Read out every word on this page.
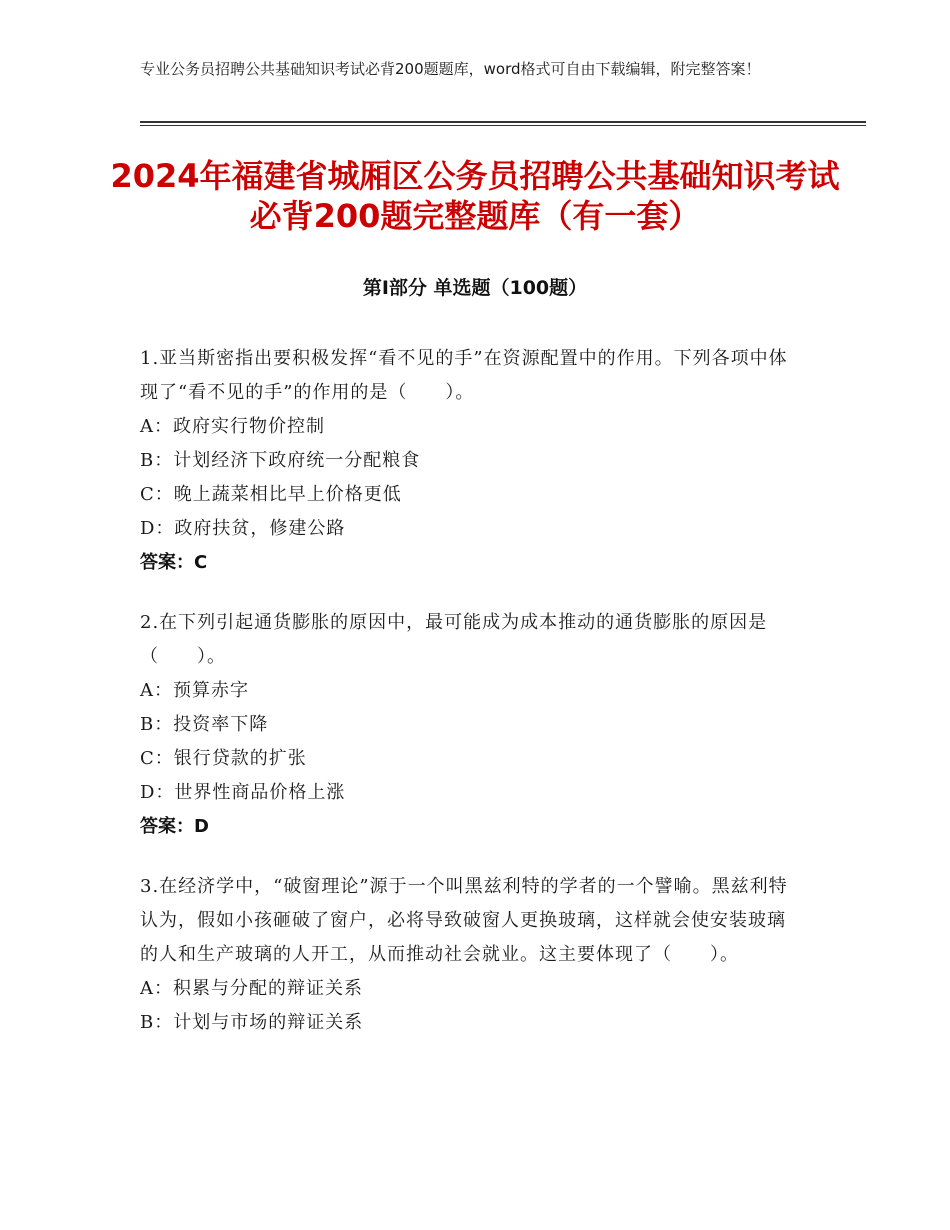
专业公务员招聘公共基础知识考试必背200题题库，word格式可自由下载编辑，附完整答案！
2024年福建省城厢区公务员招聘公共基础知识考试必背200题完整题库（有一套）
第Ⅰ部分 单选题（100题）
1.亚当斯密指出要积极发挥“看不见的手”在资源配置中的作用。下列各项中体现了“看不见的手”的作用的是（　　）。
A：政府实行物价控制
B：计划经济下政府统一分配粮食
C：晚上蔬菜相比早上价格更低
D：政府扶贫，修建公路
答案：C
2.在下列引起通货膨胀的原因中，最可能成为成本推动的通货膨胀的原因是（　　）。
A：预算赤字
B：投资率下降
C：银行贷款的扩张
D：世界性商品价格上涨
答案：D
3.在经济学中，“破窗理论”源于一个叫黑兹利特的学者的一个譬喻。黑兹利特认为，假如小孩砸破了窗户，必将导致破窗人更换玻璃，这样就会使安装玻璃的人和生产玻璃的人开工，从而推动社会就业。这主要体现了（　　）。
A：积累与分配的辩证关系
B：计划与市场的辩证关系
